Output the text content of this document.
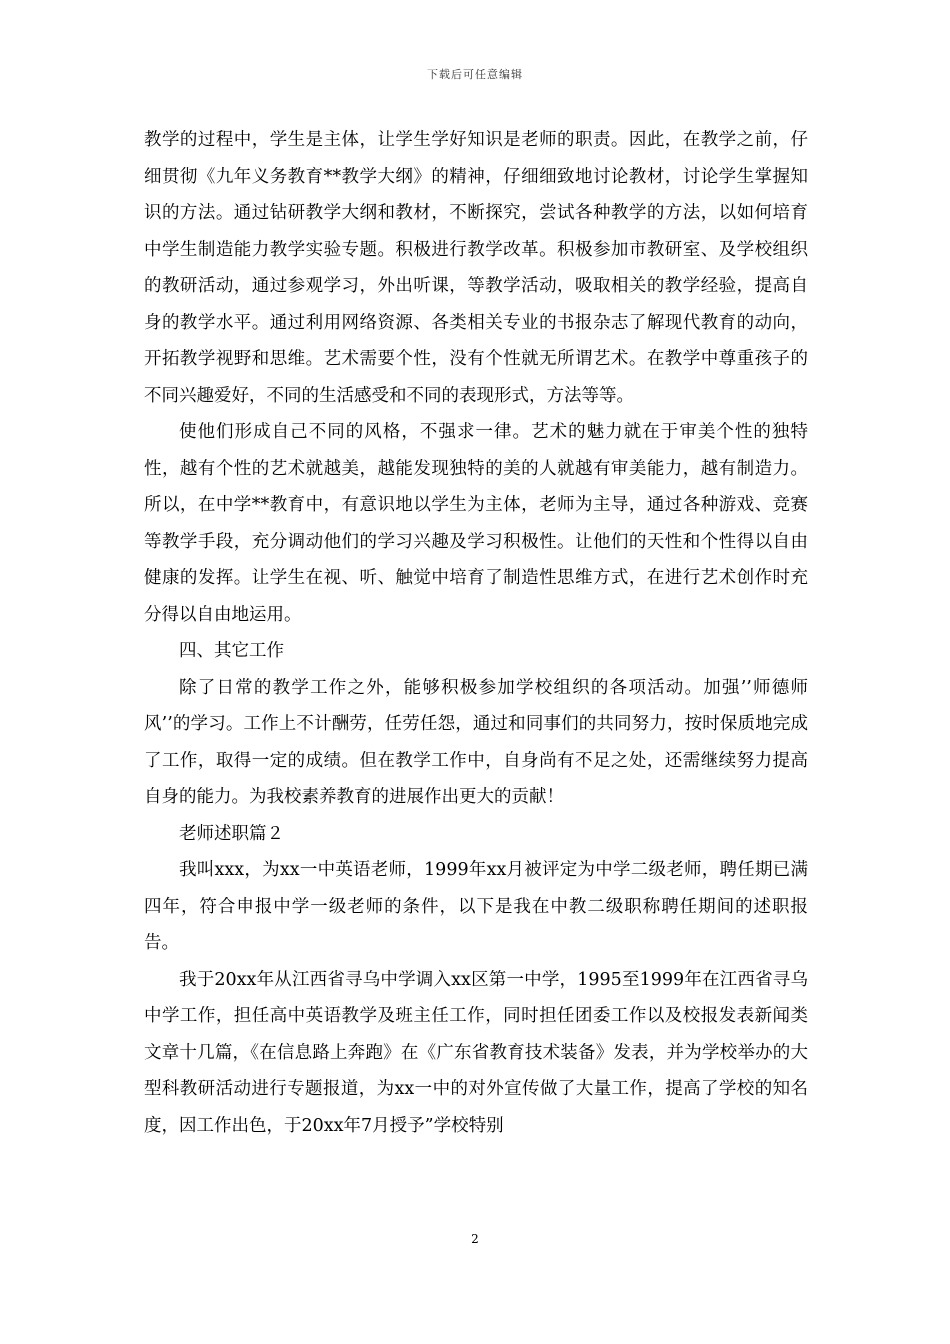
下载后可任意编辑

教学的过程中，学生是主体，让学生学好知识是老师的职责。因此，在教学之前，仔细贯彻《九年义务教育**教学大纲》的精神，仔细细致地讨论教材，讨论学生掌握知识的方法。通过钻研教学大纲和教材，不断探究，尝试各种教学的方法，以如何培育中学生制造能力教学实验专题。积极进行教学改革。积极参加市教研室、及学校组织的教研活动，通过参观学习，外出听课，等教学活动，吸取相关的教学经验，提高自身的教学水平。通过利用网络资源、各类相关专业的书报杂志了解现代教育的动向，开拓教学视野和思维。艺术需要个性，没有个性就无所谓艺术。在教学中尊重孩子的不同兴趣爱好，不同的生活感受和不同的表现形式，方法等等。

使他们形成自己不同的风格，不强求一律。艺术的魅力就在于审美个性的独特性，越有个性的艺术就越美，越能发现独特的美的人就越有审美能力，越有制造力。所以，在中学**教育中，有意识地以学生为主体，老师为主导，通过各种游戏、竞赛等教学手段，充分调动他们的学习兴趣及学习积极性。让他们的天性和个性得以自由健康的发挥。让学生在视、听、触觉中培育了制造性思维方式，在进行艺术创作时充分得以自由地运用。

四、其它工作

除了日常的教学工作之外，能够积极参加学校组织的各项活动。加强’’师德师风’’的学习。工作上不计酬劳，任劳任怨，通过和同事们的共同努力，按时保质地完成了工作，取得一定的成绩。但在教学工作中，自身尚有不足之处，还需继续努力提高自身的能力。为我校素养教育的进展作出更大的贡献！

老师述职篇２

我叫xxx，为xx一中英语老师，1999年xx月被评定为中学二级老师，聘任期已满四年，符合申报中学一级老师的条件，以下是我在中教二级职称聘任期间的述职报告。

我于20xx年从江西省寻乌中学调入xx区第一中学，1995至1999年在江西省寻乌中学工作，担任高中英语教学及班主任工作，同时担任团委工作以及校报发表新闻类文章十几篇，《在信息路上奔跑》在《广东省教育技术装备》发表，并为学校举办的大型科教研活动进行专题报道，为xx一中的对外宣传做了大量工作，提高了学校的知名度，因工作出色，于20xx年7月授予”学校特别

2
